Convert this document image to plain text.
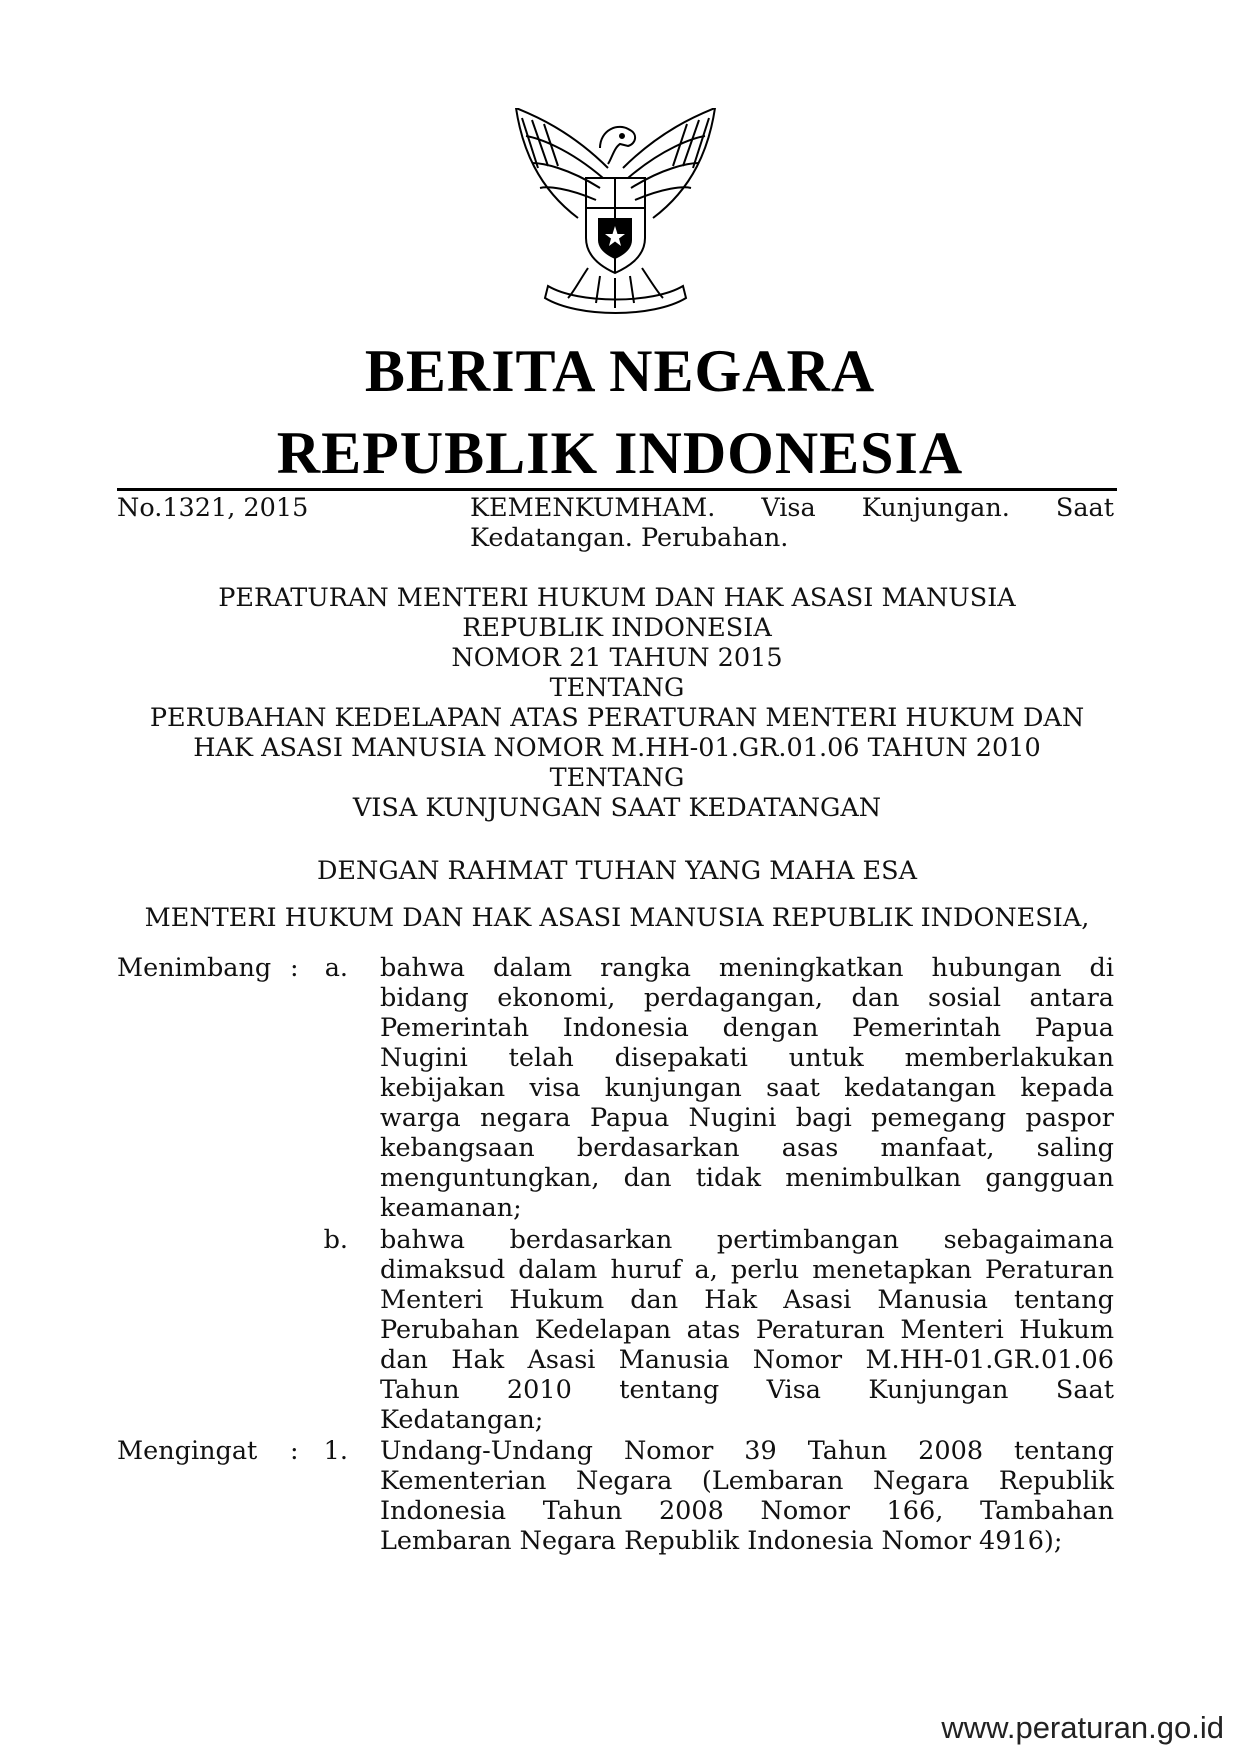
BERITA NEGARA
REPUBLIK INDONESIA
No.1321, 2015	KEMENKUMHAM. Visa Kunjungan. Saat
Kedatangan. Perubahan.
PERATURAN MENTERI HUKUM DAN HAK ASASI MANUSIA
REPUBLIK INDONESIA
NOMOR 21 TAHUN 2015
TENTANG
PERUBAHAN KEDELAPAN ATAS PERATURAN MENTERI HUKUM DAN
HAK ASASI MANUSIA NOMOR M.HH-01.GR.01.06 TAHUN 2010
TENTANG
VISA KUNJUNGAN SAAT KEDATANGAN
DENGAN RAHMAT TUHAN YANG MAHA ESA
MENTERI HUKUM DAN HAK ASASI MANUSIA REPUBLIK INDONESIA,
Menimbang : a. bahwa dalam rangka meningkatkan hubungan di
bidang ekonomi, perdagangan, dan sosial antara
Pemerintah Indonesia dengan Pemerintah Papua
Nugini telah disepakati untuk memberlakukan
kebijakan visa kunjungan saat kedatangan kepada
warga negara Papua Nugini bagi pemegang paspor
kebangsaan berdasarkan asas manfaat, saling
menguntungkan, dan tidak menimbulkan gangguan
keamanan;
b. bahwa berdasarkan pertimbangan sebagaimana
dimaksud dalam huruf a, perlu menetapkan Peraturan
Menteri Hukum dan Hak Asasi Manusia tentang
Perubahan Kedelapan atas Peraturan Menteri Hukum
dan Hak Asasi Manusia Nomor M.HH-01.GR.01.06
Tahun 2010 tentang Visa Kunjungan Saat
Kedatangan;
Mengingat : 1. Undang-Undang Nomor 39 Tahun 2008 tentang
Kementerian Negara (Lembaran Negara Republik
Indonesia Tahun 2008 Nomor 166, Tambahan
Lembaran Negara Republik Indonesia Nomor 4916);
www.peraturan.go.id
